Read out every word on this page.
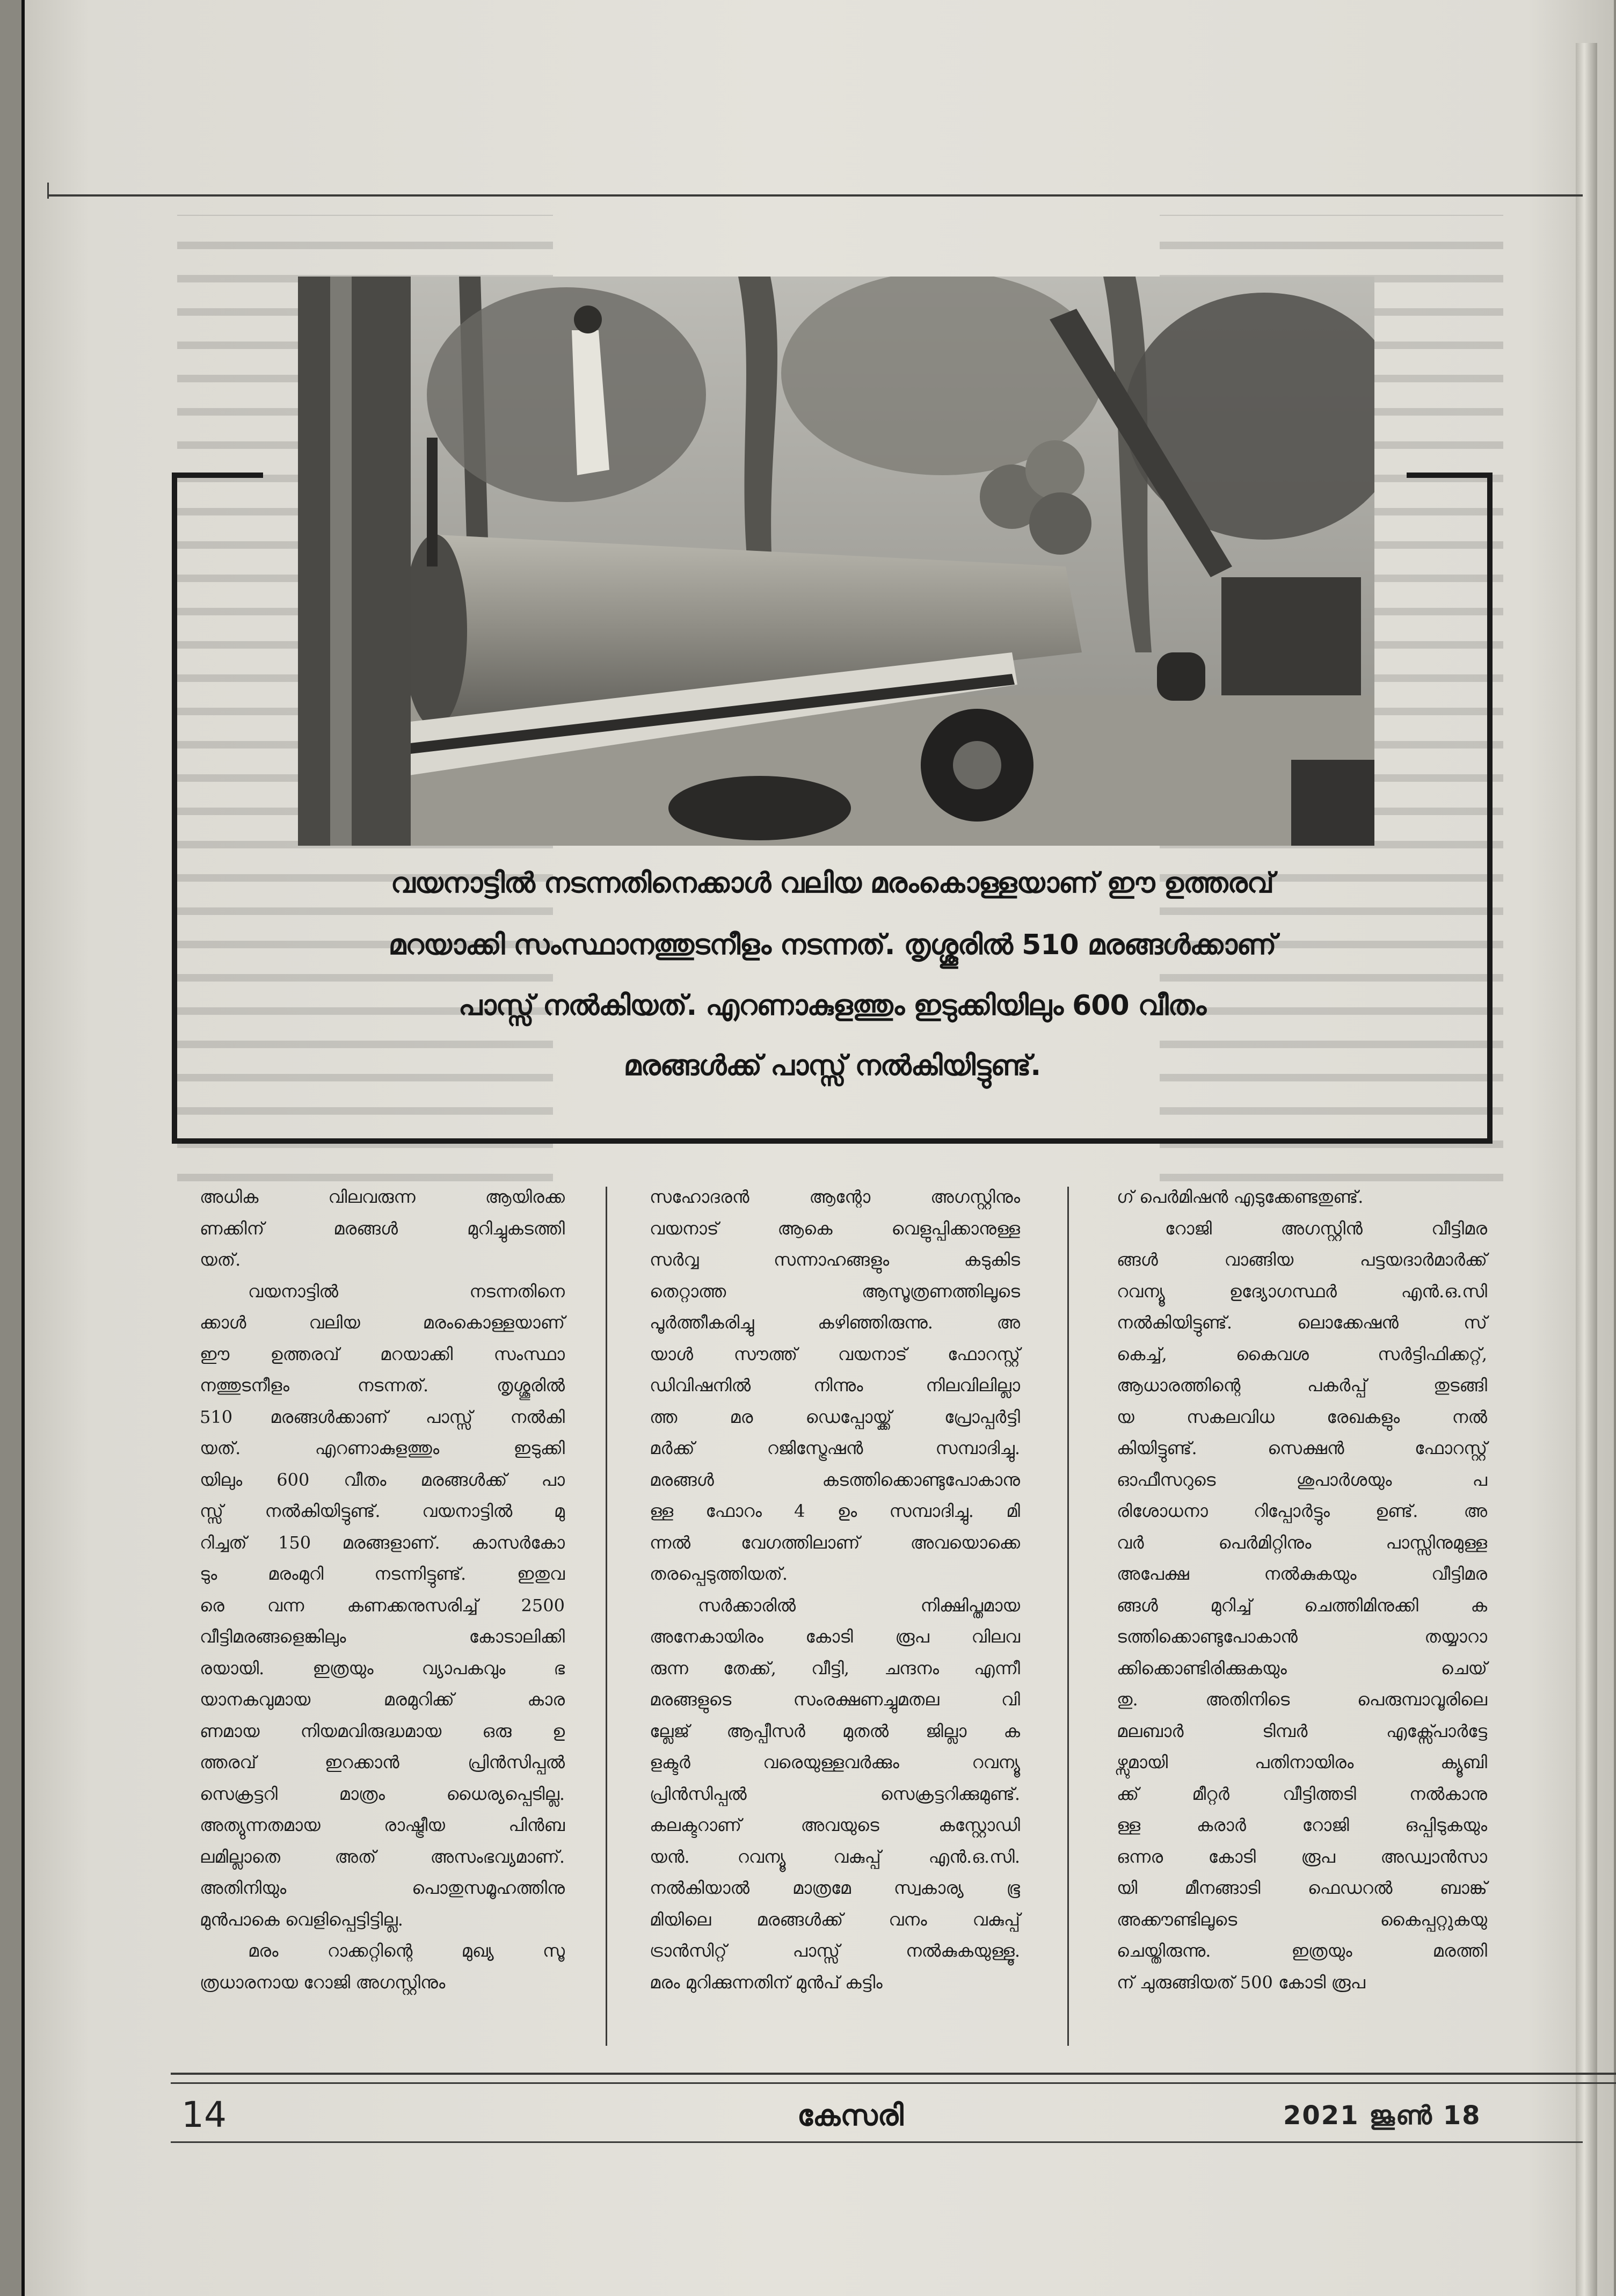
വയനാട്ടിൽ നടന്നതിനെക്കാൾ വലിയ മരംകൊള്ളയാണ് ഈ ഉത്തരവ്
മറയാക്കി സംസ്ഥാനത്തുടനീളം നടന്നത്. തൃശ്ശൂരിൽ 510 മരങ്ങൾക്കാണ്
പാസ്സ് നൽകിയത്. എറണാകുളത്തും ഇടുക്കിയിലും 600 വീതം
മരങ്ങൾക്ക് പാസ്സ് നൽകിയിട്ടുണ്ട്.

അധിക വിലവരുന്ന ആയിരക്ക

ണക്കിന് മരങ്ങൾ മുറിച്ചുകടത്തി

യത്.

വയനാട്ടിൽ നടന്നതിനെ

ക്കാൾ വലിയ മരംകൊള്ളയാണ്

ഈ ഉത്തരവ് മറയാക്കി സംസ്ഥാ

നത്തുടനീളം നടന്നത്. തൃശ്ശൂരിൽ

510 മരങ്ങൾക്കാണ് പാസ്സ് നൽകി

യത്. എറണാകുളത്തും ഇടുക്കി

യിലും 600 വീതം മരങ്ങൾക്ക് പാ

സ്സ് നൽകിയിട്ടുണ്ട്. വയനാട്ടിൽ മു

റിച്ചത് 150 മരങ്ങളാണ്. കാസർകോ

ടും മരംമുറി നടന്നിട്ടുണ്ട്. ഇതുവ

രെ വന്ന കണക്കനുസരിച്ച് 2500

വീട്ടിമരങ്ങളെങ്കിലും കോടാലിക്കി

രയായി. ഇത്രയും വ്യാപകവും ഭ

യാനകവുമായ മരമുറിക്ക് കാര

ണമായ നിയമവിരുദ്ധമായ ഒരു ഉ

ത്തരവ് ഇറക്കാൻ പ്രിൻസിപ്പൽ

സെക്രട്ടറി മാത്രം ധൈര്യപ്പെടില്ല.

അത്യുന്നതമായ രാഷ്ട്രീയ പിൻബ

ലമില്ലാതെ അത് അസംഭവ്യമാണ്.

അതിനിയും പൊതുസമൂഹത്തിനു

മുൻപാകെ വെളിപ്പെട്ടിട്ടില്ല.

മരം റാക്കറ്റിന്റെ മുഖ്യ സൂ

ത്രധാരനായ റോജി അഗസ്റ്റിനും

സഹോദരൻ ആന്റോ അഗസ്റ്റിനും

വയനാട് ആകെ വെളുപ്പിക്കാനുള്ള

സർവ്വ സന്നാഹങ്ങളും കടുകിട

തെറ്റാത്ത ആസൂത്രണത്തിലൂടെ

പൂർത്തീകരിച്ചു കഴിഞ്ഞിരുന്നു. അ

യാൾ സൗത്ത് വയനാട് ഫോറസ്റ്റ്

ഡിവിഷനിൽ നിന്നും നിലവിലില്ലാ

ത്ത മര ഡെപ്പോയ്ക്ക് പ്രോപ്പർട്ടി

മർക്ക് റജിസ്ട്രേഷൻ സമ്പാദിച്ചു.

മരങ്ങൾ കടത്തിക്കൊണ്ടുപോകാനു

ള്ള ഫോറം 4 ഉം സമ്പാദിച്ചു. മി

ന്നൽ വേഗത്തിലാണ് അവയൊക്കെ

തരപ്പെടുത്തിയത്.

സർക്കാരിൽ നിക്ഷിപ്തമായ

അനേകായിരം കോടി രൂപ വിലവ

രുന്ന തേക്ക്, വീട്ടി, ചന്ദനം എന്നീ

മരങ്ങളുടെ സംരക്ഷണച്ചുമതല വി

ല്ലേജ് ആപ്പീസർ മുതൽ ജില്ലാ ക

ളക്ടർ വരെയുള്ളവർക്കും റവന്യൂ

പ്രിൻസിപ്പൽ സെക്രട്ടറിക്കുമുണ്ട്.

കലക്ടറാണ് അവയുടെ കസ്റ്റോഡി

യൻ. റവന്യൂ വകുപ്പ് എൻ.ഒ.സി.

നൽകിയാൽ മാത്രമേ സ്വകാര്യ ഭൂ

മിയിലെ മരങ്ങൾക്ക് വനം വകുപ്പ്

ട്രാൻസിറ്റ് പാസ്സ് നൽകുകയുള്ളൂ.

മരം മുറിക്കുന്നതിന് മുൻപ് കട്ടിം

ഗ് പെർമിഷൻ എടുക്കേണ്ടതുണ്ട്.

റോജി അഗസ്റ്റിൻ വീട്ടിമര

ങ്ങൾ വാങ്ങിയ പട്ടയദാർമാർക്ക്

റവന്യൂ ഉദ്യോഗസ്ഥർ എൻ.ഒ.സി

നൽകിയിട്ടുണ്ട്. ലൊക്കേഷൻ സ്

കെച്ച്, കൈവശ സർട്ടിഫിക്കറ്റ്,

ആധാരത്തിന്റെ പകർപ്പ് തുടങ്ങി

യ സകലവിധ രേഖകളും നൽ

കിയിട്ടുണ്ട്. സെക്ഷൻ ഫോറസ്റ്റ്

ഓഫീസറുടെ ശുപാർശയും പ

രിശോധനാ റിപ്പോർട്ടും ഉണ്ട്. അ

വർ പെർമിറ്റിനും പാസ്സിനുമുള്ള

അപേക്ഷ നൽകുകയും വീട്ടിമര

ങ്ങൾ മുറിച്ച് ചെത്തിമിനുക്കി ക

ടത്തിക്കൊണ്ടുപോകാൻ തയ്യാറാ

ക്കിക്കൊണ്ടിരിക്കുകയും ചെയ്

തു. അതിനിടെ പെരുമ്പാവൂരിലെ

മലബാർ ടിമ്പർ എക്സ്പോർട്ടേ

ഴ്സുമായി പതിനായിരം ക്യൂബി

ക്ക് മീറ്റർ വീട്ടിത്തടി നൽകാനു

ള്ള കരാർ റോജി ഒപ്പിടുകയും

ഒന്നര കോടി രൂപ അഡ്വാൻസാ

യി മീനങ്ങാടി ഫെഡറൽ ബാങ്ക്

അക്കൗണ്ടിലൂടെ കൈപ്പറ്റുകയു

ചെയ്തിരുന്നു. ഇത്രയും മരത്തി

ന് ചുരുങ്ങിയത് 500 കോടി രൂപ

14	കേസരി	2021 ജൂൺ 18
